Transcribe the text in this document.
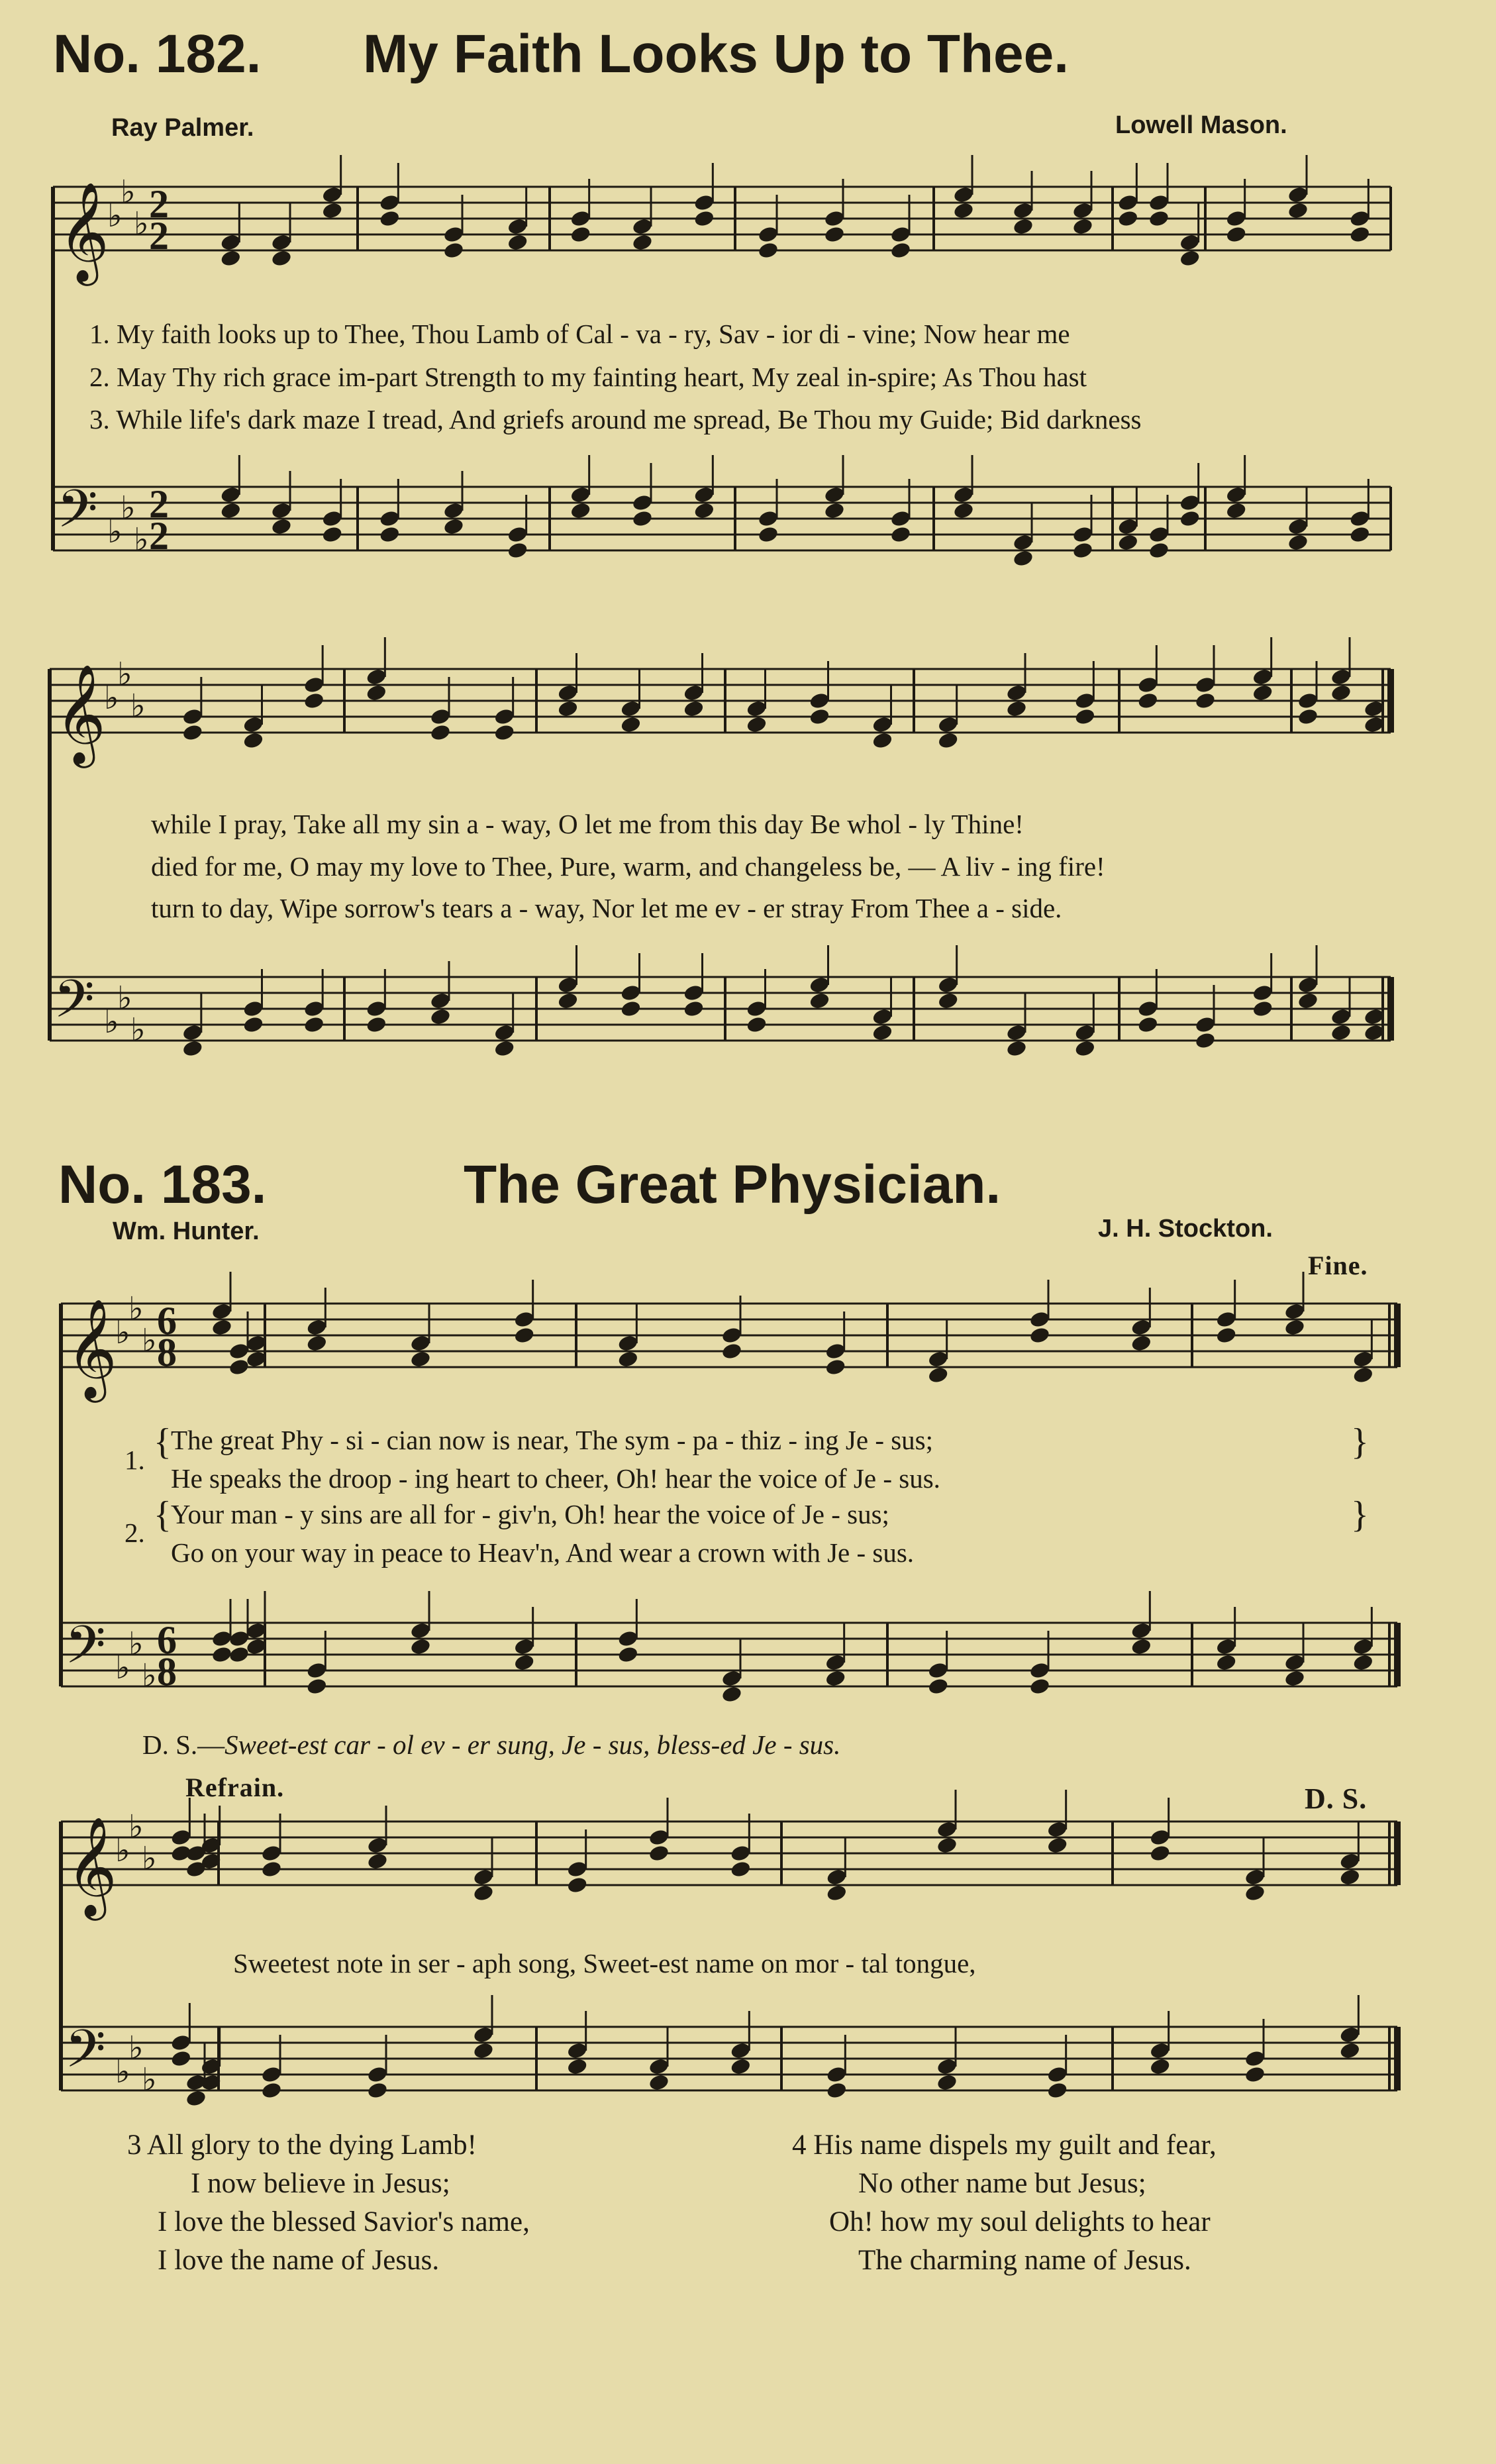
𝄞
𝄢
♭
♭
♭
♭
♭
♭
2
2
2
2
𝄞
𝄢
♭
♭
♭
♭
♭
♭
𝄞
𝄢
♭
♭
♭
♭
♭
♭
6
8
6
8
𝄞
𝄢
♭
♭
♭
♭
♭
♭
No. 182. My Faith Looks Up to Thee.
Ray Palmer.	Lowell Mason.
1. My faith looks up to Thee, Thou Lamb of Cal - va - ry, Sav - ior di - vine; Now hear me
2. May Thy rich grace im-part Strength to my fainting heart, My zeal in-spire; As Thou hast
3. While life's dark maze I tread, And griefs around me spread, Be Thou my Guide; Bid darkness
while I pray, Take all my sin a - way, O let me from this day Be whol - ly Thine!
died for me, O may my love to Thee, Pure, warm, and changeless be, — A liv - ing fire!
turn to day, Wipe sorrow's tears a - way, Nor let me ev - er stray From Thee a - side.
No. 183.	The Great Physician.
Wm. Hunter.	J. H. Stockton.
Fine.
1. { The great Phy - si - cian now is near, The sym - pa - thiz - ing Je - sus;
He speaks the droop - ing heart to cheer, Oh! hear the voice of Je - sus.
}
2. { Your man - y sins are all for - giv'n, Oh! hear the voice of Je - sus;
Go on your way in peace to Heav'n, And wear a crown with Je - sus.
}
D. S.—Sweet-est car - ol ev - er sung, Je - sus, bless-ed Je - sus.
Refrain.	D. S.
Sweetest note in ser - aph song, Sweet-est name on mor - tal tongue,
3 All glory to the dying Lamb!
I now believe in Jesus;
I love the blessed Savior's name,
I love the name of Jesus.
4 His name dispels my guilt and fear,
No other name but Jesus;
Oh! how my soul delights to hear
The charming name of Jesus.
